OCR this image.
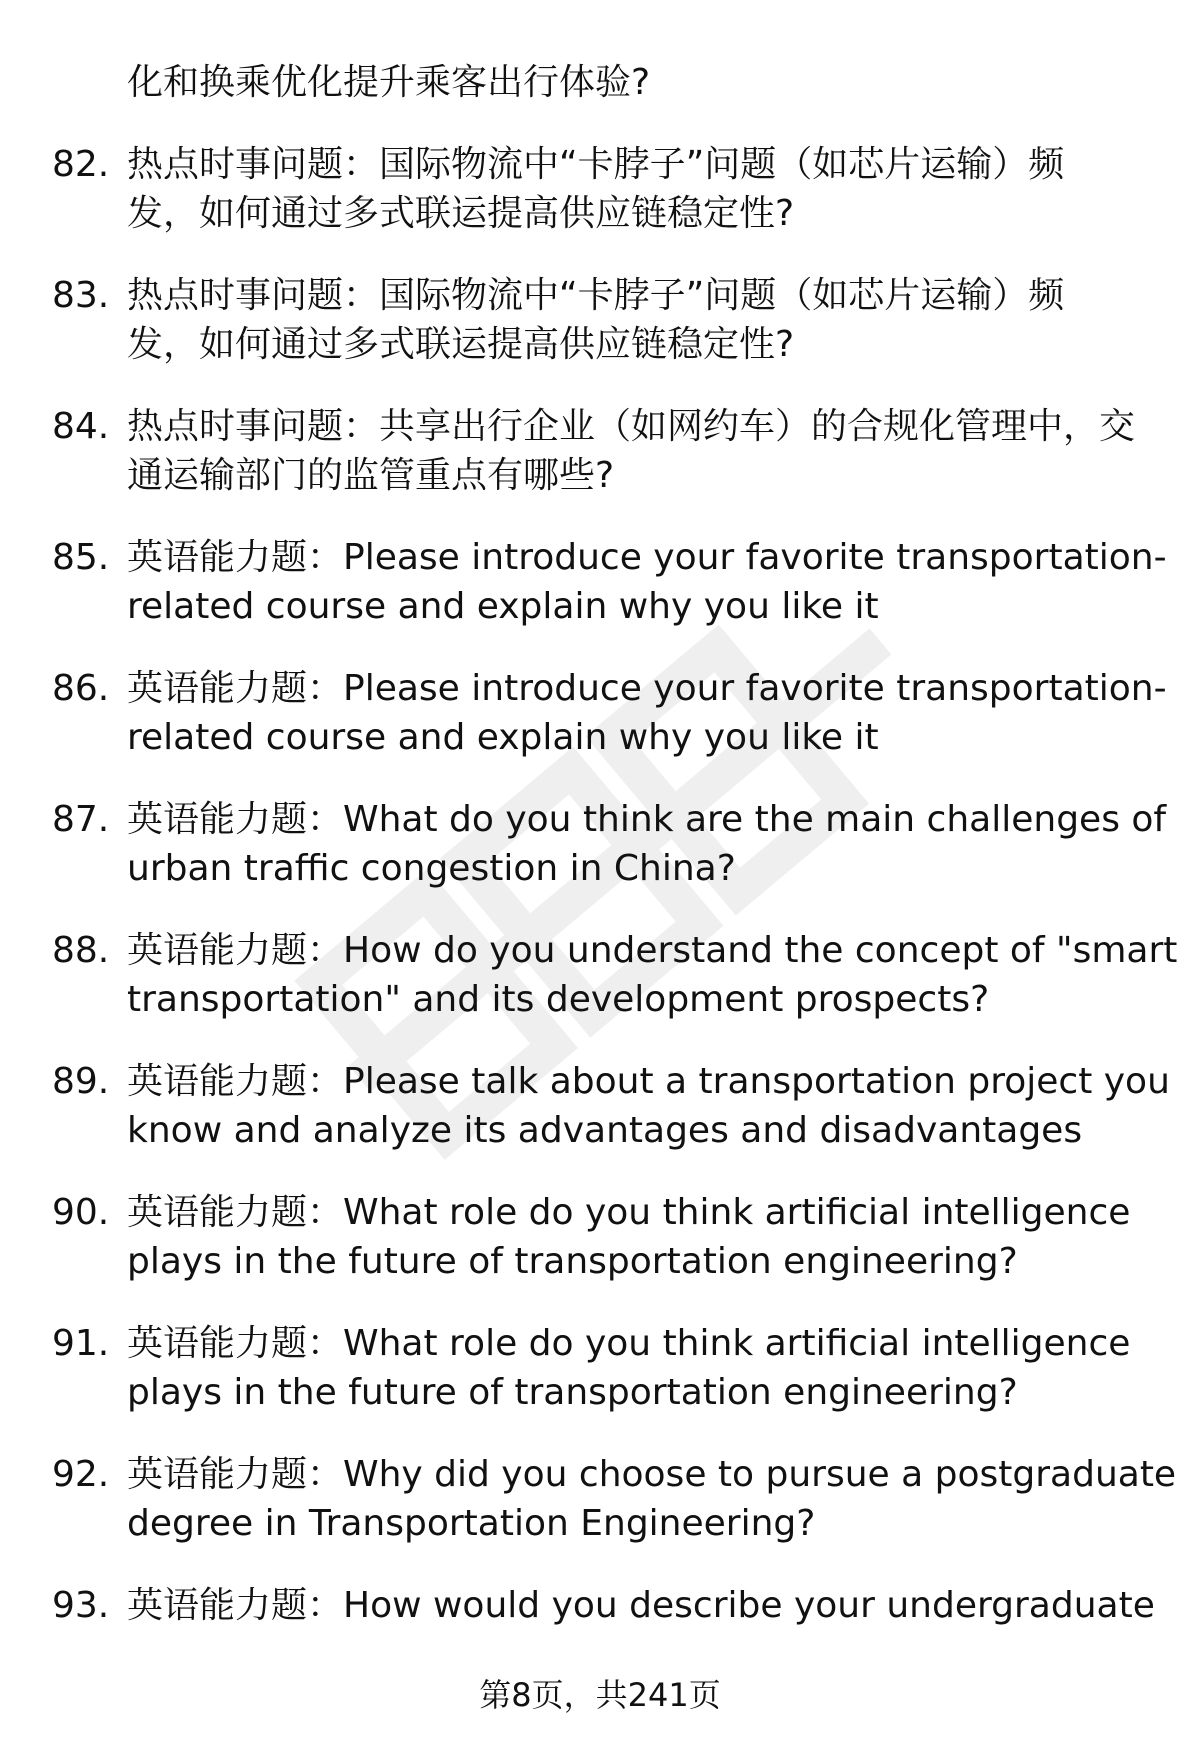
化和换乘优化提升乘客出行体验?
82. 热点时事问题：国际物流中“卡脖子”问题（如芯片运输）频
发，如何通过多式联运提高供应链稳定性?
83. 热点时事问题：国际物流中“卡脖子”问题（如芯片运输）频
发，如何通过多式联运提高供应链稳定性?
84. 热点时事问题：共享出行企业（如网约车）的合规化管理中，交
通运输部门的监管重点有哪些?
85. 英语能力题：Please introduce your favorite transportation-
related course and explain why you like it
86. 英语能力题：Please introduce your favorite transportation-
related course and explain why you like it
87. 英语能力题：What do you think are the main challenges of
urban traffic congestion in China?
88. 英语能力题：How do you understand the concept of "smart
transportation" and its development prospects?
89. 英语能力题：Please talk about a transportation project you
know and analyze its advantages and disadvantages
90. 英语能力题：What role do you think artificial intelligence
plays in the future of transportation engineering?
91. 英语能力题：What role do you think artificial intelligence
plays in the future of transportation engineering?
92. 英语能力题：Why did you choose to pursue a postgraduate
degree in Transportation Engineering?
93. 英语能力题：How would you describe your undergraduate
第8页，共241页
